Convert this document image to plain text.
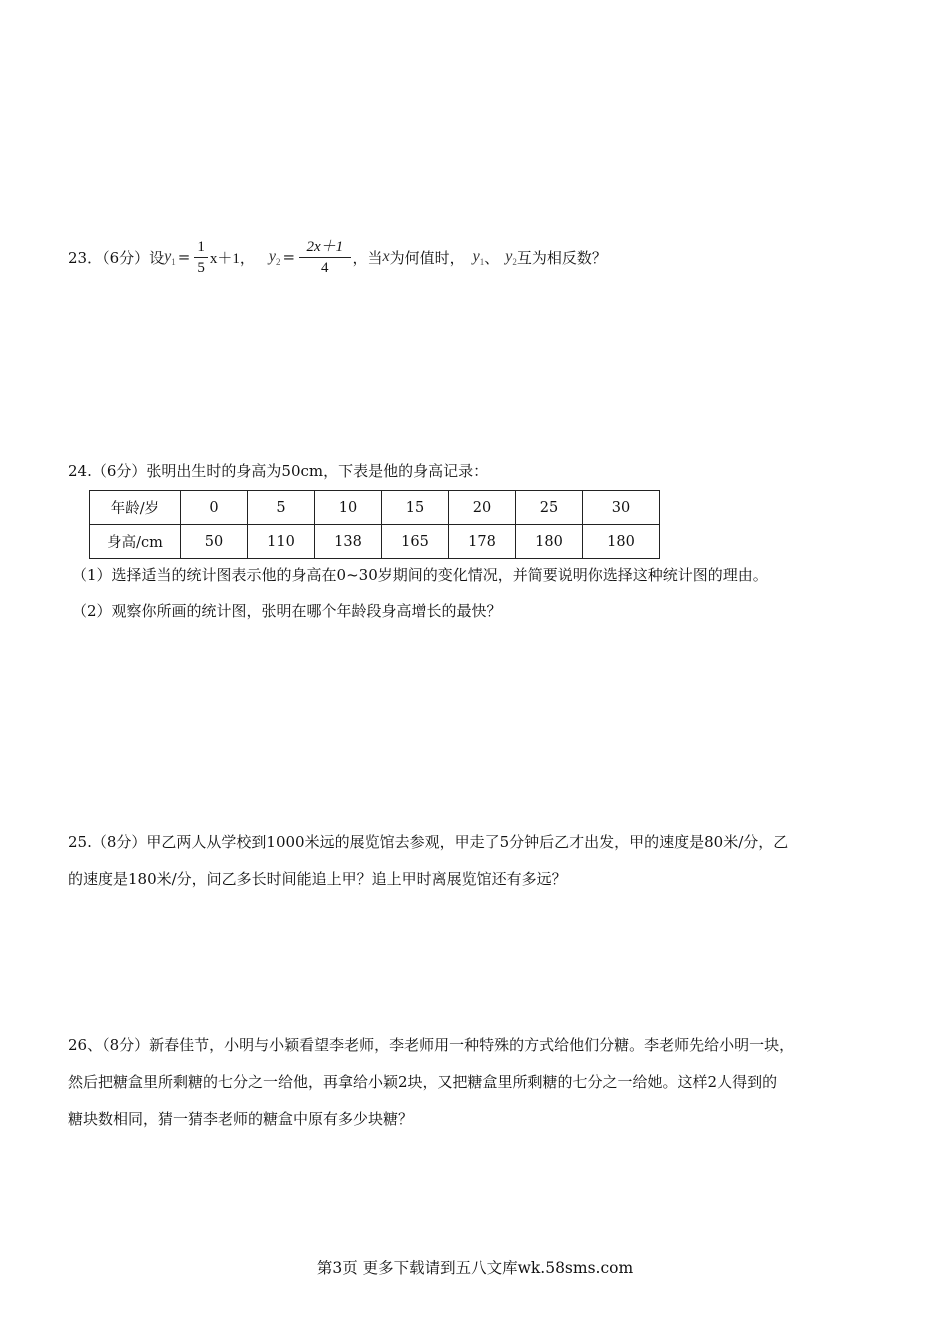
23．（6分）设 $y_1 = \frac{1}{5} x+1$， $y_2 = \frac{2x+1}{4}$ ，当 x 为何值时， $y_1$ 、 $y_2$ 互为相反数？
24.（6分）张明出生时的身高为50cm，下表是他的身高记录：
年龄/岁	0	5	10	15	20	25	30
身高/cm	50	110	138	165	178	180	180
（1）选择适当的统计图表示他的身高在0~30岁期间的变化情况，并简要说明你选择这种统计图的理由。
（2）观察你所画的统计图，张明在哪个年龄段身高增长的最快？
25.（8分）甲乙两人从学校到1000米远的展览馆去参观，甲走了5分钟后乙才出发，甲的速度是80米/分，乙
的速度是180米/分，问乙多长时间能追上甲？追上甲时离展览馆还有多远？
26、（8分）新春佳节，小明与小颖看望李老师，李老师用一种特殊的方式给他们分糖。李老师先给小明一块，
然后把糖盒里所剩糖的七分之一给他，再拿给小颖2块，又把糖盒里所剩糖的七分之一给她。这样2人得到的
糖块数相同，猜一猜李老师的糖盒中原有多少块糖？
第3页 更多下载请到五八文库wk.58sms.com
